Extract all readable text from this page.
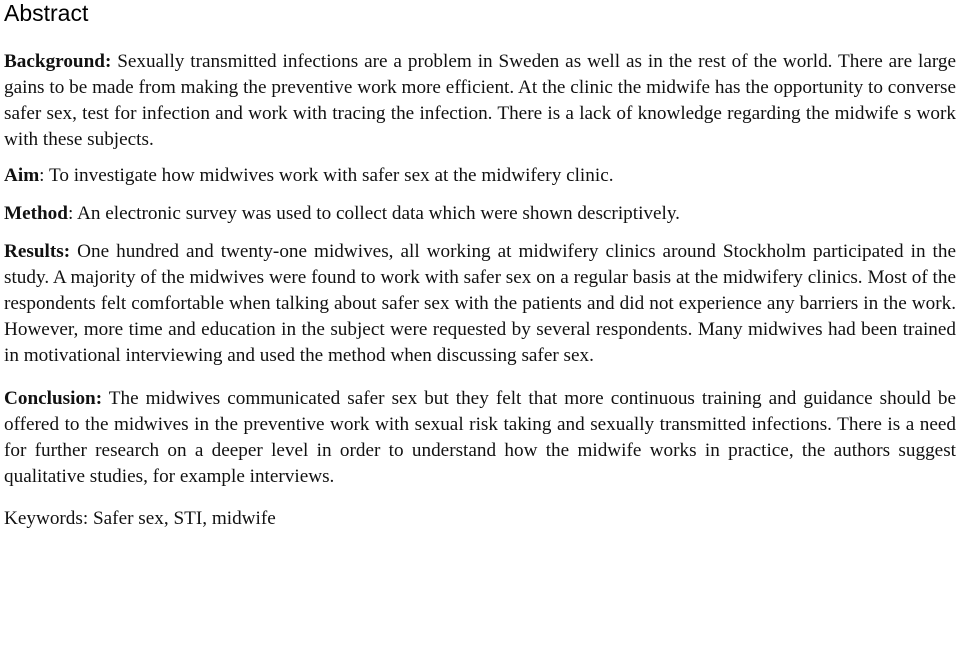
Abstract

Background: Sexually transmitted infections are a problem in Sweden as well as in the rest of the world. There are large gains to be made from making the preventive work more efficient. At the clinic the midwife has the opportunity to converse safer sex, test for infection and work with tracing the infection. There is a lack of knowledge regarding the midwife s work with these subjects.

Aim: To investigate how midwives work with safer sex at the midwifery clinic.

Method: An electronic survey was used to collect data which were shown descriptively.

Results: One hundred and twenty-one midwives, all working at midwifery clinics around Stockholm participated in the study. A majority of the midwives were found to work with safer sex on a regular basis at the midwifery clinics. Most of the respondents felt comfortable when talking about safer sex with the patients and did not experience any barriers in the work. However, more time and education in the subject were requested by several respondents. Many midwives had been trained in motivational interviewing and used the method when discussing safer sex.

Conclusion: The midwives communicated safer sex but they felt that more continuous training and guidance should be offered to the midwives in the preventive work with sexual risk taking and sexually transmitted infections. There is a need for further research on a deeper level in order to understand how the midwife works in practice, the authors suggest qualitative studies, for example interviews.

Keywords: Safer sex, STI, midwife
